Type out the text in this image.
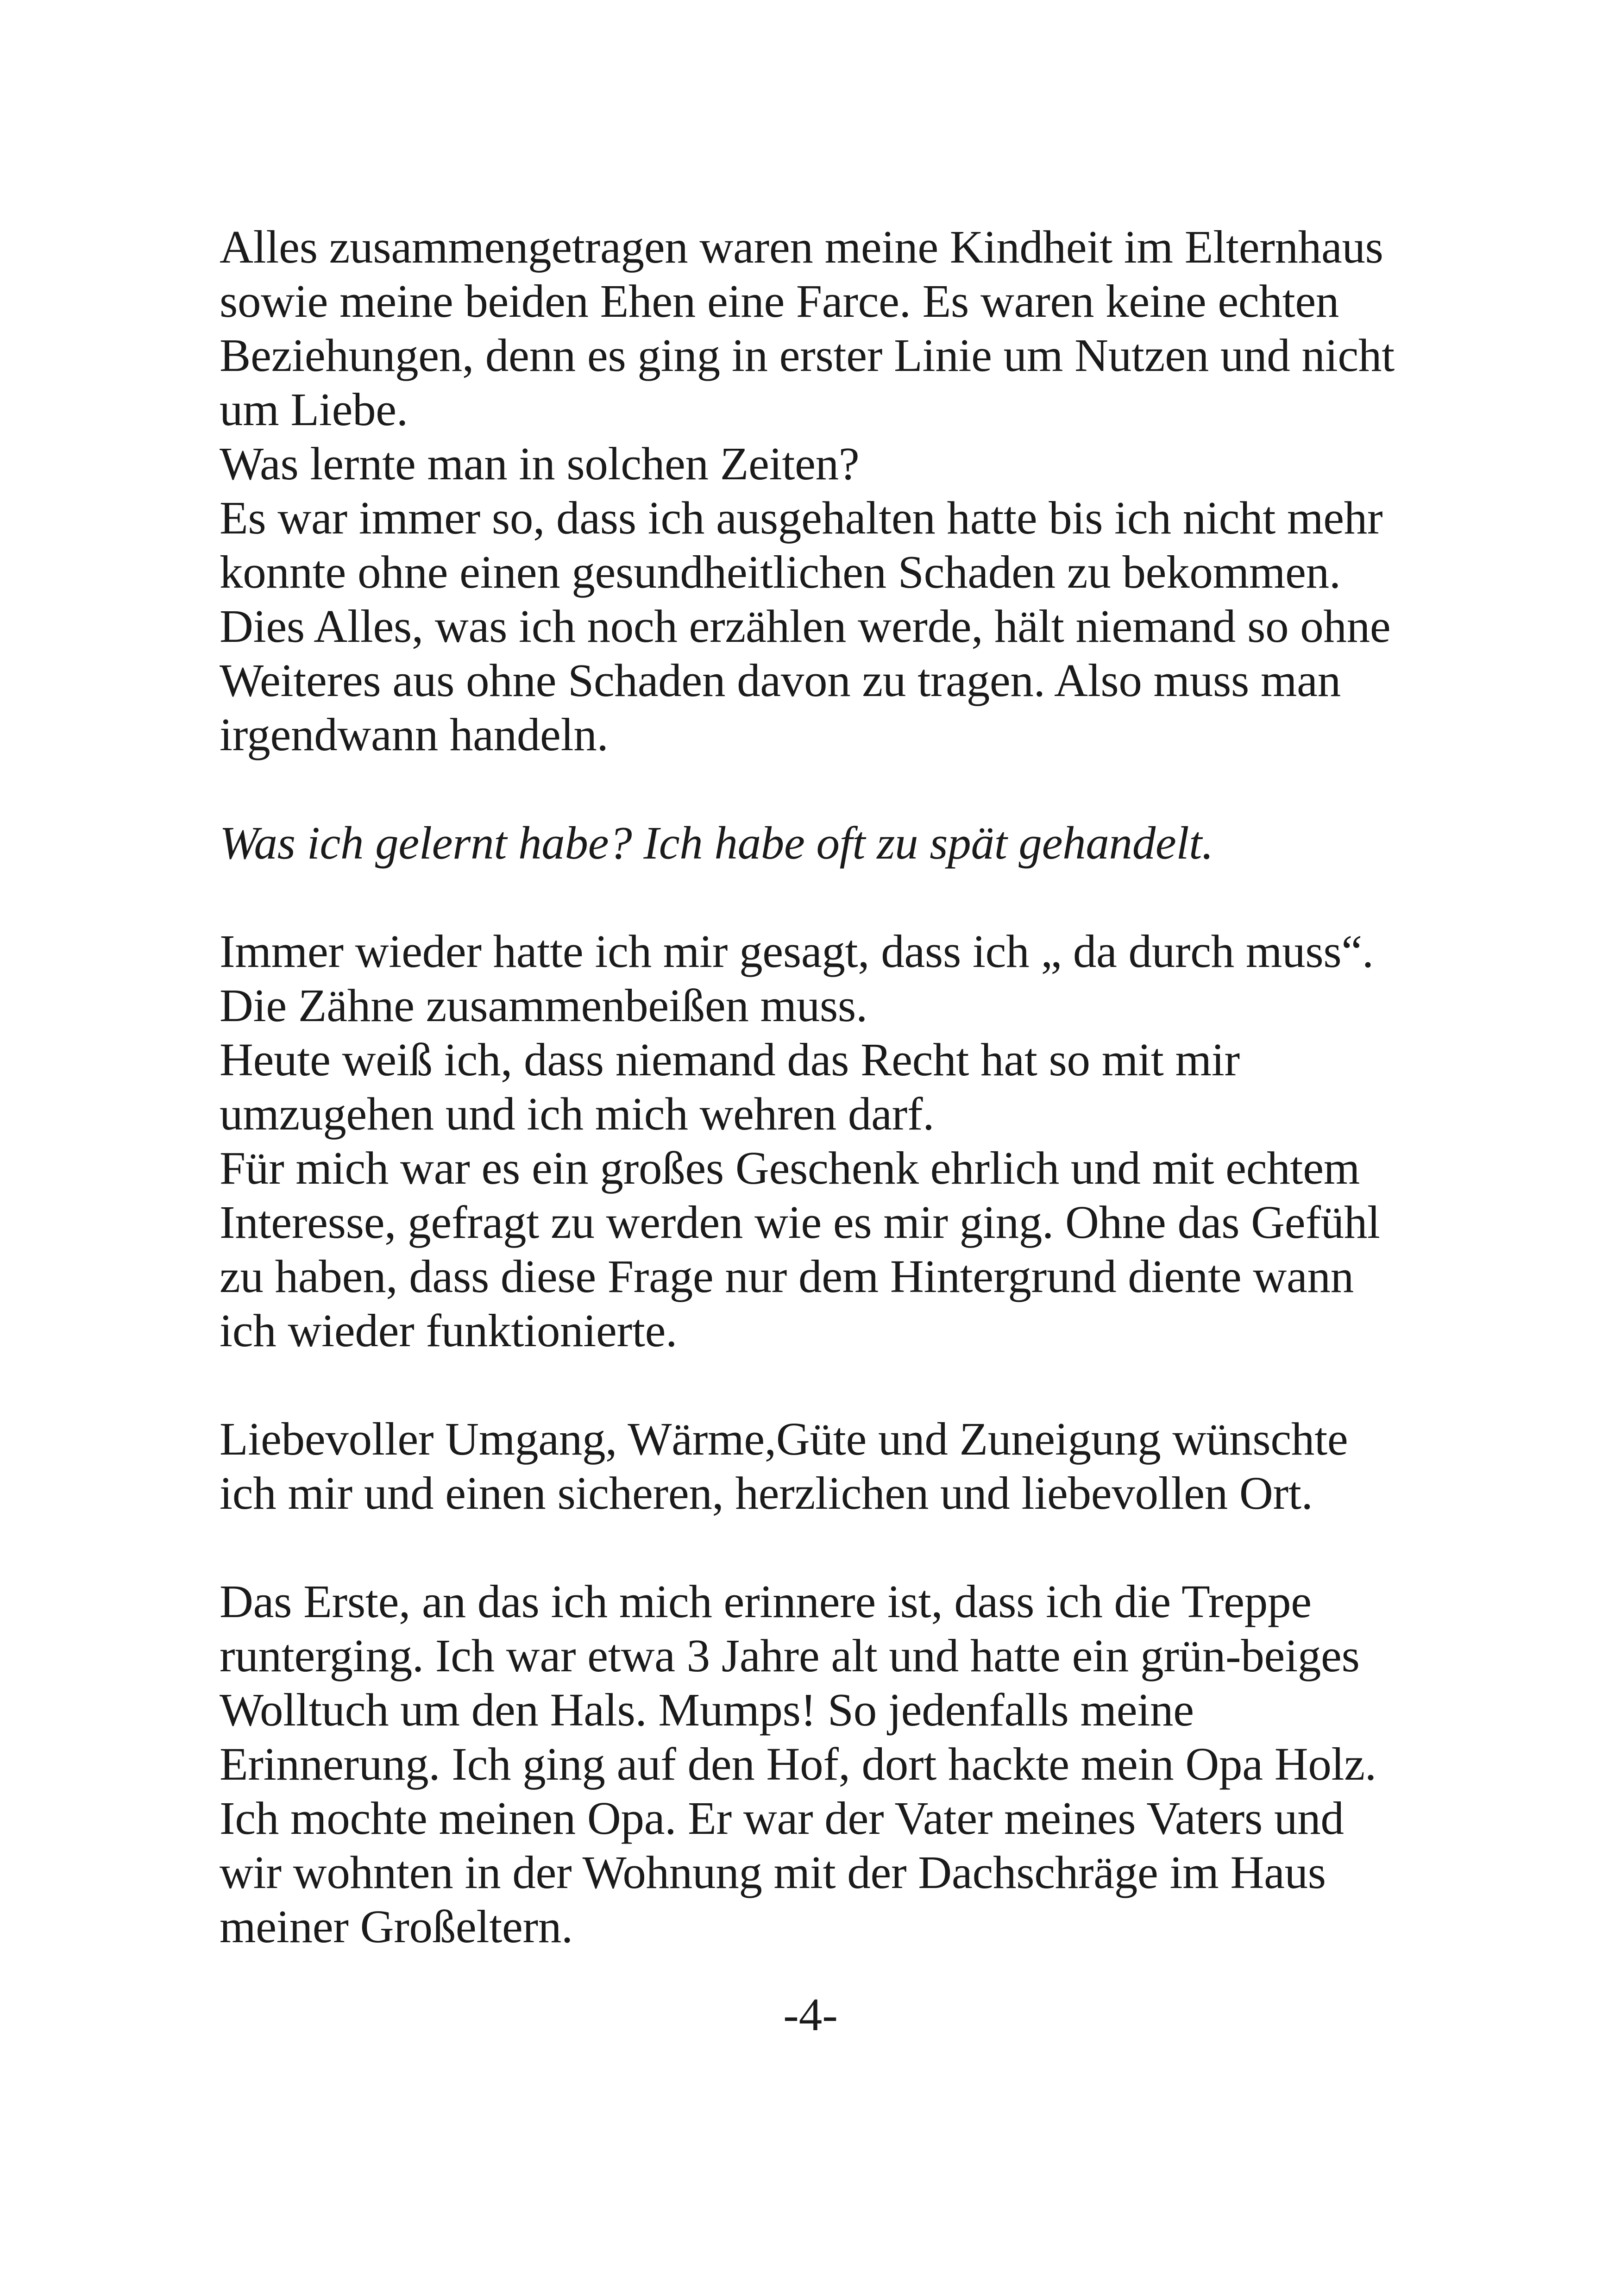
Alles zusammengetragen waren meine Kindheit im Elternhaus
sowie meine beiden Ehen eine Farce. Es waren keine echten
Beziehungen, denn es ging in erster Linie um Nutzen und nicht
um Liebe.
Was lernte man in solchen Zeiten?
Es war immer so, dass ich ausgehalten hatte bis ich nicht mehr
konnte ohne einen gesundheitlichen Schaden zu bekommen.
Dies Alles, was ich noch erzählen werde, hält niemand so ohne
Weiteres aus ohne Schaden davon zu tragen. Also muss man
irgendwann handeln.
Was ich gelernt habe? Ich habe oft zu spät gehandelt.
Immer wieder hatte ich mir gesagt, dass ich „ da durch muss“.
Die Zähne zusammenbeißen muss.
Heute weiß ich, dass niemand das Recht hat so mit mir
umzugehen und ich mich wehren darf.
Für mich war es ein großes Geschenk ehrlich und mit echtem
Interesse, gefragt zu werden wie es mir ging. Ohne das Gefühl
zu haben, dass diese Frage nur dem Hintergrund diente wann
ich wieder funktionierte.
Liebevoller Umgang, Wärme,Güte und Zuneigung wünschte
ich mir und einen sicheren, herzlichen und liebevollen Ort.
Das Erste, an das ich mich erinnere ist, dass ich die Treppe
runterging. Ich war etwa 3 Jahre alt und hatte ein grün-beiges
Wolltuch um den Hals. Mumps! So jedenfalls meine
Erinnerung. Ich ging auf den Hof, dort hackte mein Opa Holz.
Ich mochte meinen Opa. Er war der Vater meines Vaters und
wir wohnten in der Wohnung mit der Dachschräge im Haus
meiner Großeltern.
-4-
